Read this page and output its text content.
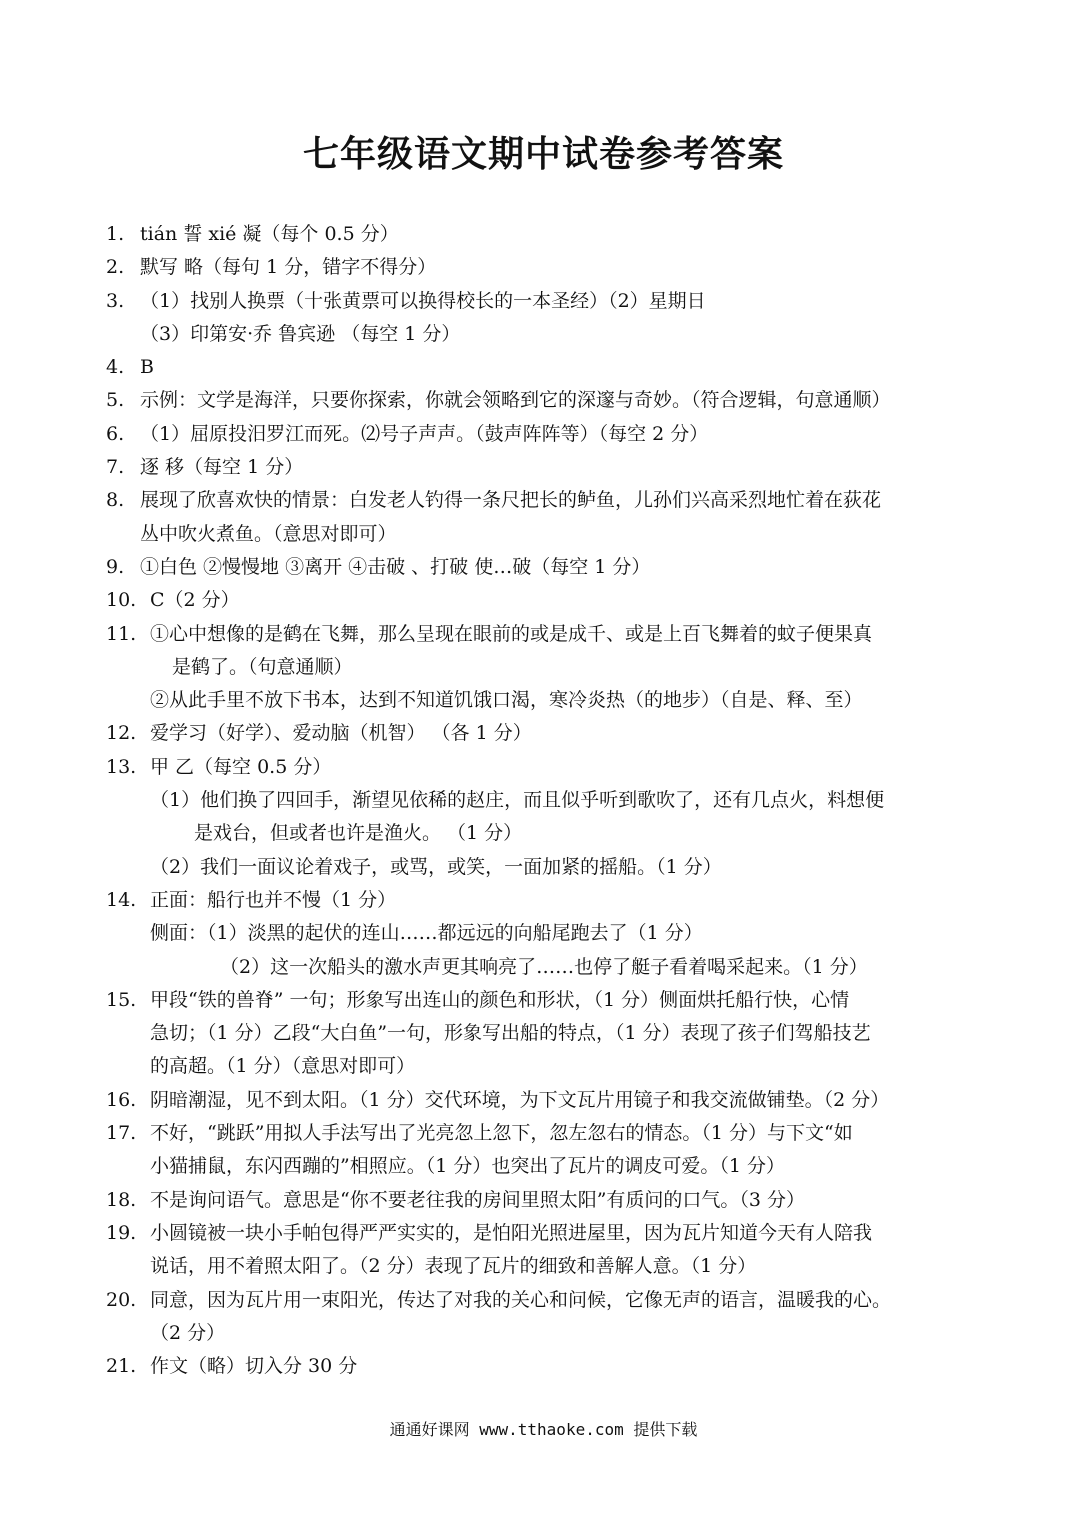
七年级语文期中试卷参考答案
1. tián 誓 xié 凝（每个 0.5 分）
2. 默写 略（每句 1 分，错字不得分）
3. （1）找别人换票（十张黄票可以换得校长的一本圣经）（2）星期日
（3）印第安·乔 鲁宾逊 （每空 1 分）
4. B
5. 示例：文学是海洋，只要你探索，你就会领略到它的深邃与奇妙。（符合逻辑，句意通顺）
6. （1）屈原投汨罗江而死。⑵号子声声。（鼓声阵阵等）（每空 2 分）
7. 逐 移（每空 1 分）
8. 展现了欣喜欢快的情景：白发老人钓得一条尺把长的鲈鱼，儿孙们兴高采烈地忙着在荻花
丛中吹火煮鱼。（意思对即可）
9. ①白色 ②慢慢地 ③离开 ④击破 、打破 使…破（每空 1 分）
10. C（2 分）
11. ①心中想像的是鹤在飞舞，那么呈现在眼前的或是成千、或是上百飞舞着的蚊子便果真
是鹤了。（句意通顺）
②从此手里不放下书本，达到不知道饥饿口渴，寒冷炎热（的地步）（自是、释、至）
12. 爱学习（好学）、爱动脑（机智） （各 1 分）
13. 甲 乙（每空 0.5 分）
（1）他们换了四回手，渐望见依稀的赵庄，而且似乎听到歌吹了，还有几点火，料想便
是戏台，但或者也许是渔火。 （1 分）
（2）我们一面议论着戏子，或骂，或笑，一面加紧的摇船。（1 分）
14. 正面：船行也并不慢（1 分）
侧面：（1）淡黑的起伏的连山……都远远的向船尾跑去了（1 分）
（2）这一次船头的激水声更其响亮了……也停了艇子看着喝采起来。（1 分）
15. 甲段“铁的兽脊” 一句；形象写出连山的颜色和形状，（1 分）侧面烘托船行快，心情
急切；（1 分）乙段“大白鱼”一句，形象写出船的特点，（1 分）表现了孩子们驾船技艺
的高超。（1 分）（意思对即可）
16. 阴暗潮湿，见不到太阳。（1 分）交代环境，为下文瓦片用镜子和我交流做铺垫。（2 分）
17. 不好，“跳跃”用拟人手法写出了光亮忽上忽下，忽左忽右的情态。（1 分）与下文“如
小猫捕鼠，东闪西蹦的”相照应。（1 分）也突出了瓦片的调皮可爱。（1 分）
18. 不是询问语气。意思是“你不要老往我的房间里照太阳”有质问的口气。（3 分）
19. 小圆镜被一块小手帕包得严严实实的，是怕阳光照进屋里，因为瓦片知道今天有人陪我
说话，用不着照太阳了。（2 分）表现了瓦片的细致和善解人意。（1 分）
20. 同意，因为瓦片用一束阳光，传达了对我的关心和问候，它像无声的语言，温暖我的心。
（2 分）
21. 作文（略）切入分 30 分
通通好课网 www.tthaoke.com 提供下载
